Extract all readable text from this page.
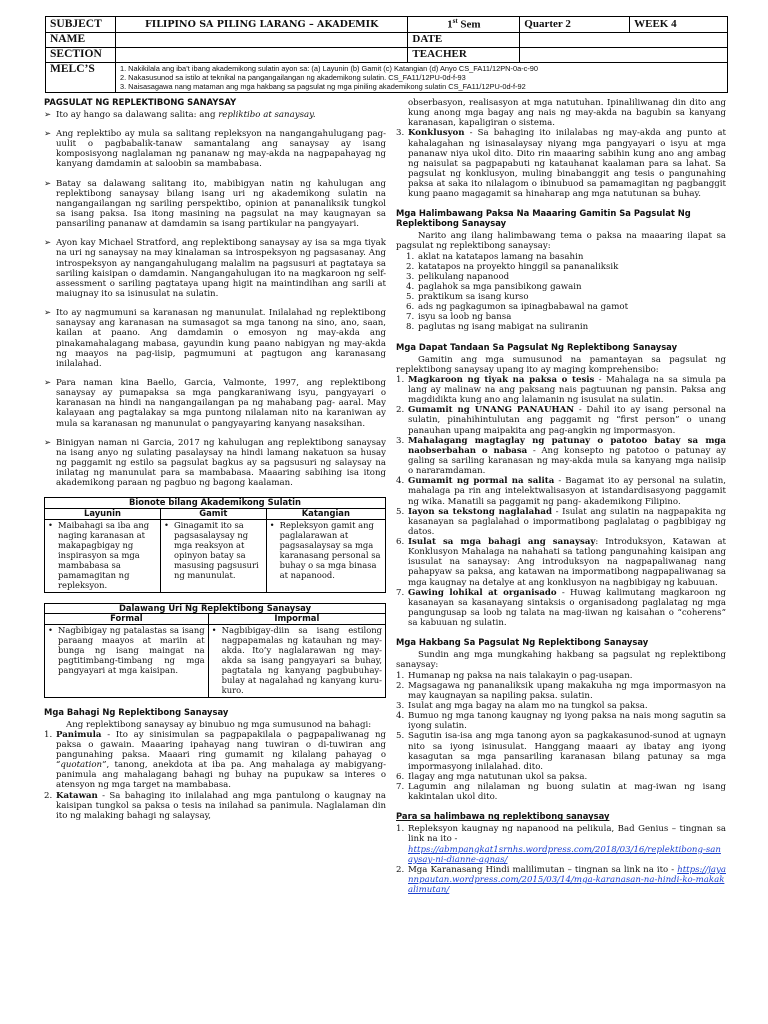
SUBJECT	FILIPINO SA PILING LARANG – AKADEMIK	1st Sem	Quarter 2	WEEK 4
NAME		DATE		
SECTION		TEACHER		
MELC’S	1. Nakikilala ang iba’t ibang akademikong sulatin ayon sa: (a) Layunin (b) Gamit (c) Katangian (d) Anyo CS_FA11/12PN-0a-c-90
2. Nakasusunod sa istilo at teknikal na pangangailangan ng akademikong sulatin. CS_FA11/12PU-0d-f-93
3. Naisasagawa nang mataman ang mga hakbang sa pagsulat ng mga piniling akademikong sulatin CS_FA11/12PU-0d-f-92			
PAGSULAT NG REPLEKTIBONG SANAYSAY
➢ Ito ay hango sa dalawang salita: ang repliktibo at sanaysay.
➢ Ang replektibo ay mula sa salitang repleksyon na nangangahulugang pag-uulit o pagbabalik-tanaw samantalang ang sanaysay ay isang komposisyong naglalaman ng pananaw ng may-akda na nagpapahayag ng kanyang damdamin at saloobin sa mambabasa.
➢ Batay sa dalawang salitang ito, mabibigyan natin ng kahulugan ang replektibong sanaysay bilang isang uri ng akademikong sulatin na nangangailangan ng sariling perspektibo, opinion at pananaliksik tungkol sa isang paksa. Isa itong masining na pagsulat na may kaugnayan sa pansariling pananaw at damdamin sa isang partikular na pangyayari.
➢ Ayon kay Michael Stratford, ang replektibong sanaysay ay isa sa mga tiyak na uri ng sanaysay na may kinalaman sa introspeksyon ng pagsasanay. Ang introspeksyon ay nangangahulugang malalim na pagsusuri at pagtataya sa sariling kaisipan o damdamin. Nangangahulugan ito na magkaroon ng self-assessment o sariling pagtataya upang higit na maintindihan ang sarili at maiugnay ito sa isinusulat na sulatin.
➢ Ito ay nagmumuni sa karanasan ng manunulat. Inilalahad ng replektibong sanaysay ang karanasan na sumasagot sa mga tanong na sino, ano, saan, kailan at paano. Ang damdamin o emosyon ng may-akda ang pinakamahalagang mabasa, gayundin kung paano nabigyan ng may-akda ng maayos na pag-iisip, pagmumuni at pagtugon ang karanasang inilalahad.
➢ Para naman kina Baello, Garcia, Valmonte, 1997, ang replektibong sanaysay ay pumapaksa sa mga pangkaraniwang isyu, pangyayari o karanasan na hindi na nangangailangan pa ng mahabang pag- aaral. May kalayaan ang pagtalakay sa mga puntong nilalaman nito na karaniwan ay mula sa karanasan ng manunulat o pangyayaring kanyang nasaksihan.
➢ Binigyan naman ni Garcia, 2017 ng kahulugan ang replektibong sanaysay na isang anyo ng sulating pasalaysay na hindi lamang nakatuon sa husay ng paggamit ng estilo sa pagsulat bagkus ay sa pagsusuri ng salaysay na inilatag ng manunulat para sa mambabasa. Maaaring sabihing isa itong akademikong paraan ng pagbuo ng bagong kaalaman.
Bionote bilang Akademikong Sulatin		
Layunin	Gamit	Katangian

• Maibahagi sa iba ang naging karanasan at makapagbigay ng inspirasyon sa mga mambabasa sa pamamagitan ng repleksyon.	• Ginagamit ito sa pagsasalaysay ng mga reaksyon at opinyon batay sa masusing pagsusuri ng manunulat.	• Repleksyon gamit ang paglalarawan at pagsasalaysay sa mga karanasang personal sa buhay o sa mga binasa at napanood.
Dalawang Uri Ng Replektibong Sanaysay	
Formal	Impormal

• Nagbibigay ng patalastas sa isang paraang maayos at mariin at bunga ng isang maingat na pagtitimbang-timbang ng mga pangyayari at mga kaisipan.	• Nagbibigay-diin sa isang estilong nagpapamalas ng katauhan ng may-akda. Ito’y naglalarawan ng may-akda sa isang pangyayari sa buhay, pagtatala ng kanyang pagbubuhay-bulay at nagalahad ng kanyang kuru-kuro.
Mga Bahagi Ng Replektibong Sanaysay
Ang replektibong sanaysay ay binubuo ng mga sumusunod na bahagi:
1. Panimula - Ito ay sinisimulan sa pagpapakilala o pagpapaliwanag ng paksa o gawain. Maaaring ipahayag nang tuwiran o di-tuwiran ang pangunahing paksa. Maaari ring gumamit ng kilalang pahayag o “quotation”, tanong, anekdota at iba pa. Ang mahalaga ay mabigyang-panimula ang mahalagang bahagi ng buhay na pupukaw sa interes o atensyon ng mga target na mambabasa.
2. Katawan - Sa bahaging ito inilalahad ang mga pantulong o kaugnay na kaisipan tungkol sa paksa o tesis na inilahad sa panimula. Naglalaman din ito ng malaking bahagi ng salaysay,
obserbasyon, realisasyon at mga natutuhan. Ipinaliliwanag din dito ang kung anong mga bagay ang nais ng may-akda na bagubin sa kanyang karanasan, kapaligiran o sistema.
3. Konklusyon - Sa bahaging ito inilalabas ng may-akda ang punto at kahalagahan ng isinasalaysay niyang mga pangyayari o isyu at mga pananaw niya ukol dito. Dito rin maaaring sabihin kung ano ang ambag ng naisulat sa pagpapabuti ng katauhanat kaalaman para sa lahat. Sa pagsulat ng konklusyon, muling binabanggit ang tesis o pangunahing paksa at saka ito nilalagom o ibinubuod sa pamamagitan ng pagbanggit kung paano magagamit sa hinaharap ang mga natutunan sa buhay.
Mga Halimbawang Paksa Na Maaaring Gamitin Sa Pagsulat Ng Replektibong Sanaysay
Narito ang ilang halimbawang tema o paksa na maaaring ilapat sa pagsulat ng replektibong sanaysay:
1. aklat na katatapos lamang na basahin
2. katatapos na proyekto hinggil sa pananaliksik
3. pelikulang napanood
4. paglahok sa mga pansibikong gawain
5. praktikum sa isang kurso
6. ads ng pagkagumon sa ipinagbabawal na gamot
7. isyu sa loob ng bansa
8. paglutas ng isang mabigat na suliranin
Mga Dapat Tandaan Sa Pagsulat Ng Replektibong Sanaysay
Gamitin ang mga sumusunod na pamantayan sa pagsulat ng replektibong sanaysay upang ito ay maging komprehensibo:
1. Magkaroon ng tiyak na paksa o tesis - Mahalaga na sa simula pa lang ay malinaw na ang paksang nais pagtuunan ng pansin. Paksa ang magdidikta kung ano ang lalamanin ng isusulat na sulatin.
2. Gumamit ng UNANG PANAUHAN - Dahil ito ay isang personal na sulatin, pinahihintulutan ang paggamit ng “first person” o unang panauhan upang maipakita ang pag-angkin ng impormasyon.
3. Mahalagang magtaglay ng patunay o patotoo batay sa mga naobserbahan o nabasa - Ang konsepto ng patotoo o patunay ay galing sa sariling karanasan ng may-akda mula sa kanyang mga naiisip o nararamdaman.
4. Gumamit ng pormal na salita - Bagamat ito ay personal na sulatin, mahalaga pa rin ang intelektwalisasyon at istandardisasyong paggamit ng wika. Manatili sa paggamit ng pang- akademikong Filipino.
5. Iayon sa tekstong naglalahad - Isulat ang sulatin na nagpapakita ng kasanayan sa paglalahad o impormatibong paglalatag o pagbibigay ng datos.
6. Isulat sa mga bahagi ang sanaysay: Introduksyon, Katawan at Konklusyon Mahalaga na nahahati sa tatlong pangunahing kaisipan ang isusulat na sanaysay: Ang introduksyon na nagpapaliwanag nang pahapyaw sa paksa, ang katawan na impormatibong nagpapaliwanag sa mga kaugnay na detalye at ang konklusyon na nagbibigay ng kabuuan.
7. Gawing lohikal at organisado - Huwag kalimutang magkaroon ng kasanayan sa kasanayang sintaksis o organisadong paglalatag ng mga pangungusap sa loob ng talata na mag-iiwan ng kaisahan o “coherens” sa kabuuan ng sulatin.
Mga Hakbang Sa Pagsulat Ng Replektibong Sanaysay
Sundin ang mga mungkahing hakbang sa pagsulat ng replektibong sanaysay:
1. Humanap ng paksa na nais talakayin o pag-usapan.
2. Magsagawa ng pananaliksik upang makakuha ng mga impormasyon na may kaugnayan sa napiling paksa. sulatin.
3. Isulat ang mga bagay na alam mo na tungkol sa paksa.
4. Bumuo ng mga tanong kaugnay ng iyong paksa na nais mong sagutin sa iyong sulatin.
5. Sagutin isa-isa ang mga tanong ayon sa pagkakasunod-sunod at ugnayn nito sa iyong isinusulat. Hanggang maaari ay ibatay ang iyong kasagutan sa mga pansariling karanasan bilang patunay sa mga impormasyong inilalahad. dito.
6. Ilagay ang mga natutunan ukol sa paksa.
7. Lagumin ang nilalaman ng buong sulatin at mag-iwan ng isang kakintalan ukol dito.
Para sa halimbawa ng replektibong sanaysay
1. Repleksyon kaugnay ng napanood na pelikula, Bad Genius – tingnan sa link na ito -
https://abmpangkat1srnhs.wordpress.com/2018/03/16/replektibong-sanaysay-ni-dianne-agnas/
2. Mga Karanasang Hindi malilimutan – tingnan sa link na ito - https://jayannpautan.wordpress.com/2015/03/14/mga-karanasan-na-hindi-ko-makakalimutan/
